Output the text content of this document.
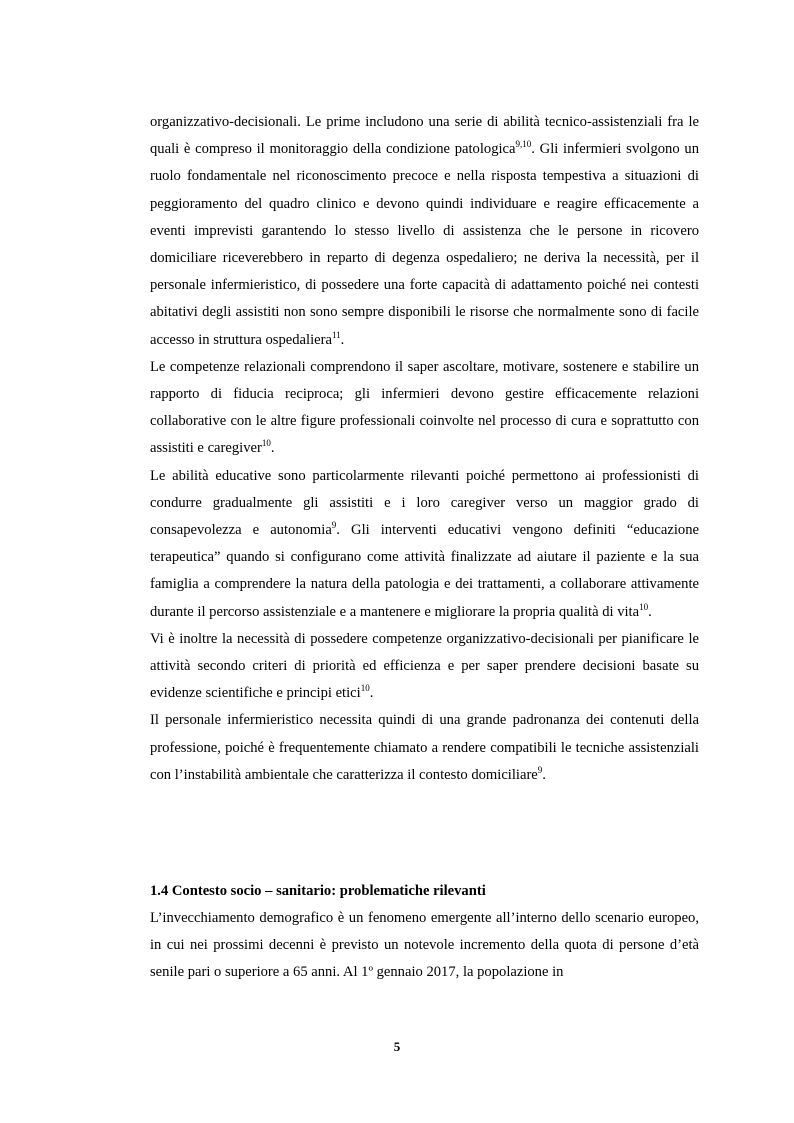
organizzativo-decisionali. Le prime includono una serie di abilità tecnico-assistenziali fra le quali è compreso il monitoraggio della condizione patologica$^{9,10}$. Gli infermieri svolgono un ruolo fondamentale nel riconoscimento precoce e nella risposta tempestiva a situazioni di peggioramento del quadro clinico e devono quindi individuare e reagire efficacemente a eventi imprevisti garantendo lo stesso livello di assistenza che le persone in ricovero domiciliare riceverebbero in reparto di degenza ospedaliero; ne deriva la necessità, per il personale infermieristico, di possedere una forte capacità di adattamento poiché nei contesti abitativi degli assistiti non sono sempre disponibili le risorse che normalmente sono di facile accesso in struttura ospedaliera$^{11}$.

Le competenze relazionali comprendono il saper ascoltare, motivare, sostenere e stabilire un rapporto di fiducia reciproca; gli infermieri devono gestire efficacemente relazioni collaborative con le altre figure professionali coinvolte nel processo di cura e soprattutto con assistiti e caregiver$^{10}$.

Le abilità educative sono particolarmente rilevanti poiché permettono ai professionisti di condurre gradualmente gli assistiti e i loro caregiver verso un maggior grado di consapevolezza e autonomia$^9$. Gli interventi educativi vengono definiti “educazione terapeutica” quando si configurano come attività finalizzate ad aiutare il paziente e la sua famiglia a comprendere la natura della patologia e dei trattamenti, a collaborare attivamente durante il percorso assistenziale e a mantenere e migliorare la propria qualità di vita$^{10}$.

Vi è inoltre la necessità di possedere competenze organizzativo-decisionali per pianificare le attività secondo criteri di priorità ed efficienza e per saper prendere decisioni basate su evidenze scientifiche e principi etici$^{10}$.

Il personale infermieristico necessita quindi di una grande padronanza dei contenuti della professione, poiché è frequentemente chiamato a rendere compatibili le tecniche assistenziali con l’instabilità ambientale che caratterizza il contesto domiciliare$^9$.

1.4 Contesto socio – sanitario: problematiche rilevanti

L’invecchiamento demografico è un fenomeno emergente all’interno dello scenario europeo, in cui nei prossimi decenni è previsto un notevole incremento della quota di persone d’età senile pari o superiore a 65 anni. Al 1º gennaio 2017, la popolazione in

5
